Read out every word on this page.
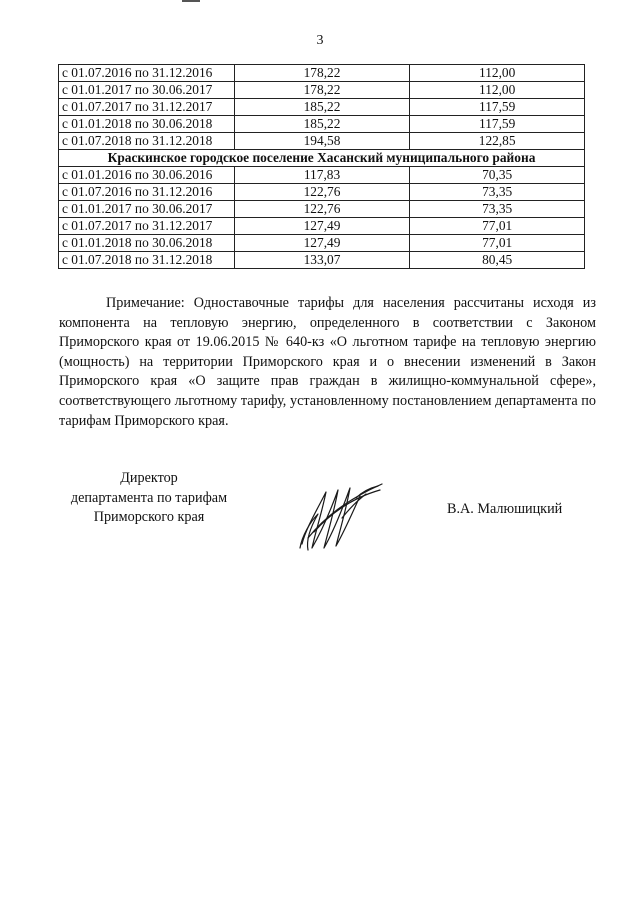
3
с 01.07.2016 по 31.12.2016	178,22	112,00
с 01.01.2017 по 30.06.2017	178,22	112,00
с 01.07.2017 по 31.12.2017	185,22	117,59
с 01.01.2018 по 30.06.2018	185,22	117,59
с 01.07.2018 по 31.12.2018	194,58	122,85
Краскинское городское поселение Хасанский муниципального района		
с 01.01.2016 по 30.06.2016	117,83	70,35
с 01.07.2016 по 31.12.2016	122,76	73,35
с 01.01.2017 по 30.06.2017	122,76	73,35
с 01.07.2017 по 31.12.2017	127,49	77,01
с 01.01.2018 по 30.06.2018	127,49	77,01
с 01.07.2018 по 31.12.2018	133,07	80,45

Примечание: Одноставочные тарифы для населения рассчитаны исходя из компонента на тепловую энергию, определенного в соответствии с Законом Приморского края от 19.06.2015 № 640-кз «О льготном тарифе на тепловую энергию (мощность) на территории Приморского края и о внесении изменений в Закон Приморского края «О защите прав граждан в жилищно-коммунальной сфере», соответствующего льготному тарифу, установленному постановлением департамента по тарифам Приморского края.

Директор
департамента по тарифам
Приморского края
В.А. Малюшицкий
